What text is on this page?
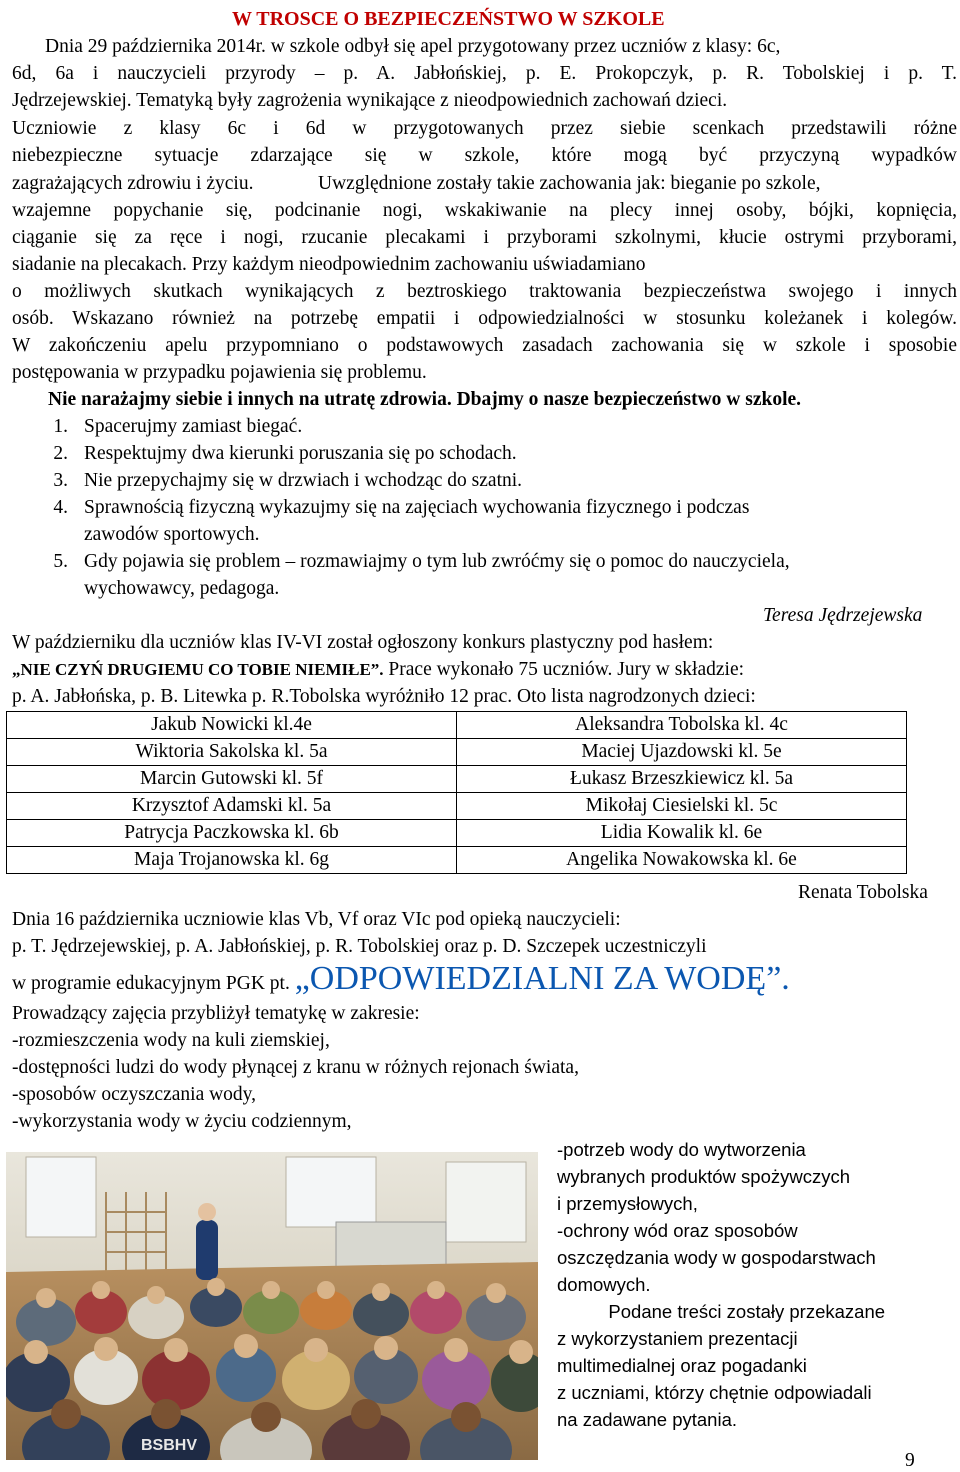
W TROSCE O BEZPIECZEŃSTWO W SZKOLE
Dnia 29 października 2014r. w szkole odbył się apel przygotowany przez uczniów z klasy: 6c,
6d, 6a i nauczycieli przyrody – p. A. Jabłońskiej, p. E. Prokopczyk, p. R. Tobolskiej i p. T.
Jędrzejewskiej. Tematyką były zagrożenia wynikające z nieodpowiednich zachowań dzieci.
Uczniowie z klasy 6c i 6d w przygotowanych przez siebie scenkach przedstawili różne
niebezpieczne sytuacje zdarzające się w szkole, które mogą być przyczyną wypadków
zagrażających zdrowiu i życiu.	Uwzględnione zostały takie zachowania jak: bieganie po szkole,
wzajemne popychanie się, podcinanie nogi, wskakiwanie na plecy innej osoby, bójki, kopnięcia,
ciąganie się za ręce i nogi, rzucanie plecakami i przyborami szkolnymi, kłucie ostrymi przyborami,
siadanie na plecakach. Przy każdym nieodpowiednim zachowaniu uświadamiano
o możliwych skutkach wynikających z beztroskiego traktowania bezpieczeństwa swojego i innych
osób. Wskazano również na potrzebę empatii i odpowiedzialności w stosunku koleżanek i kolegów.
W zakończeniu apelu przypomniano o podstawowych zasadach zachowania się w szkole i sposobie
postępowania w przypadku pojawienia się problemu.
Nie narażajmy siebie i innych na utratę zdrowia. Dbajmy o nasze bezpieczeństwo w szkole.
1. Spacerujmy zamiast biegać.
2. Respektujmy dwa kierunki poruszania się po schodach.
3. Nie przepychajmy się w drzwiach i wchodząc do szatni.
4. Sprawnością fizyczną wykazujmy się na zajęciach wychowania fizycznego i podczas
zawodów sportowych.
5. Gdy pojawia się problem – rozmawiajmy o tym lub zwróćmy się o pomoc do nauczyciela,
wychowawcy, pedagoga.
Teresa Jędrzejewska
W październiku dla uczniów klas IV-VI został ogłoszony konkurs plastyczny pod hasłem:
„NIE CZYŃ DRUGIEMU CO TOBIE NIEMIŁE”. Prace wykonało 75 uczniów. Jury w składzie:
p. A. Jabłońska, p. B. Litewka p. R.Tobolska wyróżniło 12 prac. Oto lista nagrodzonych dzieci:
Jakub Nowicki kl.4e	Aleksandra Tobolska kl. 4c
Wiktoria Sakolska kl. 5a	Maciej Ujazdowski kl. 5e
Marcin Gutowski kl. 5f	Łukasz Brzeszkiewicz kl. 5a
Krzysztof Adamski kl. 5a	Mikołaj Ciesielski kl. 5c
Patrycja Paczkowska kl. 6b	Lidia Kowalik kl. 6e
Maja Trojanowska kl. 6g	Angelika Nowakowska kl. 6e
Renata Tobolska
Dnia 16 października uczniowie klas Vb, Vf oraz VIc pod opieką nauczycieli:
p. T. Jędrzejewskiej, p. A. Jabłońskiej, p. R. Tobolskiej oraz p. D. Szczepek uczestniczyli
w programie edukacyjnym PGK pt. „ODPOWIEDZIALNI ZA WODĘ”.
Prowadzący zajęcia przybliżył tematykę w zakresie:
-rozmieszczenia wody na kuli ziemskiej,
-dostępności ludzi do wody płynącej z kranu w różnych rejonach świata,
-sposobów oczyszczania wody,
-wykorzystania wody w życiu codziennym,
-potrzeb wody do wytworzenia
wybranych produktów spożywczych
i przemysłowych,
-ochrony wód oraz sposobów
oszczędzania wody w gospodarstwach
domowych.
Podane treści zostały przekazane
z wykorzystaniem prezentacji
multimedialnej oraz pogadanki
z uczniami, którzy chętnie odpowiadali
na zadawane pytania.
BSBHV
9
